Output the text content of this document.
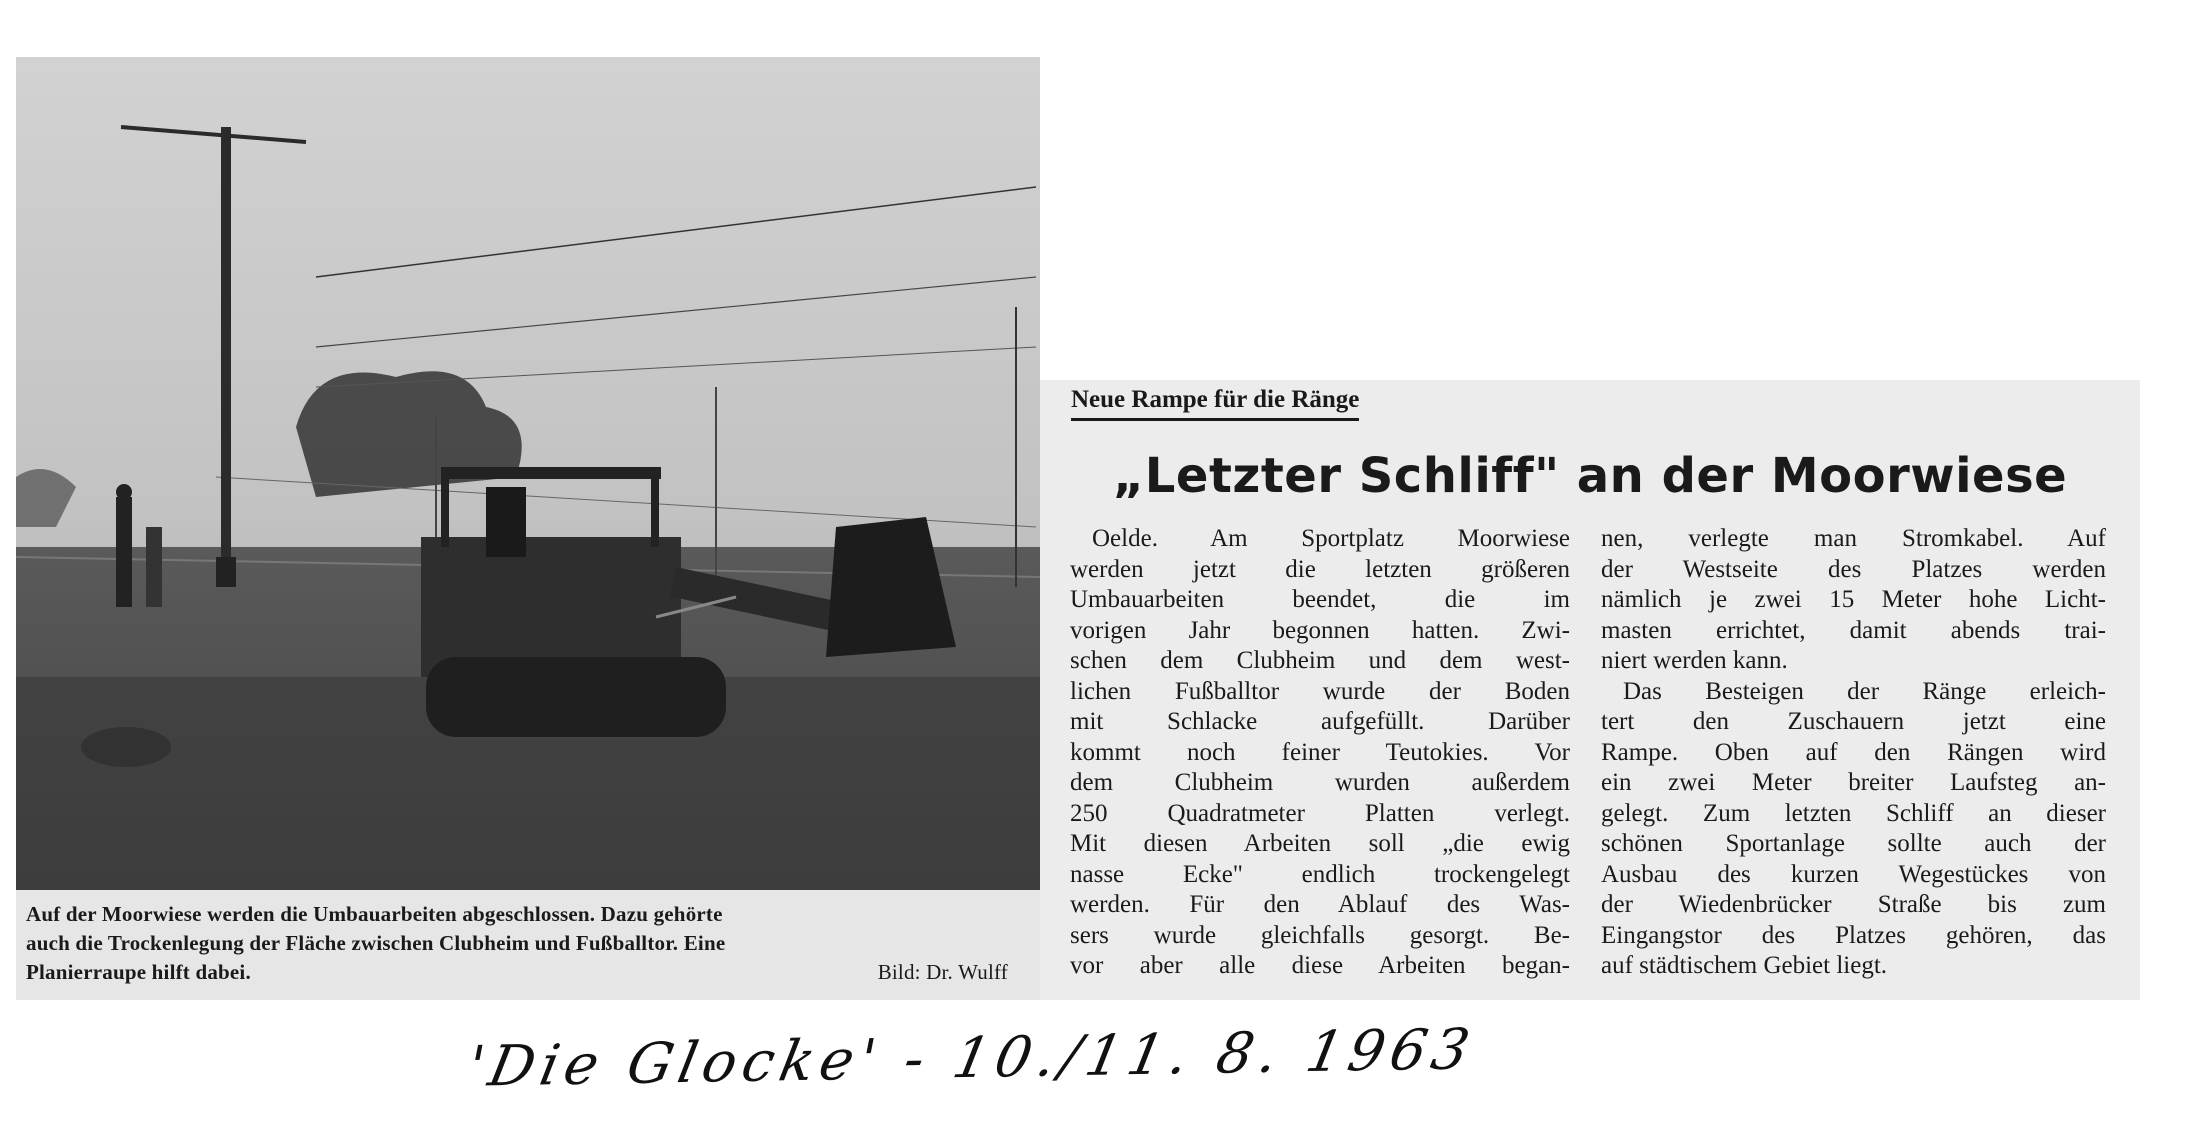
Auf der Moorwiese werden die Umbauarbeiten abgeschlossen. Dazu gehörte
auch die Trockenlegung der Fläche zwischen Clubheim und Fußballtor. Eine
Planierraupe hilft dabei.	Bild: Dr. Wulff
Neue Rampe für die Ränge
„Letzter Schliff" an der Moorwiese
Oelde. Am Sportplatz Moorwiese
werden jetzt die letzten größeren
Umbauarbeiten beendet, die im
vorigen Jahr begonnen hatten. Zwi-
schen dem Clubheim und dem west-
lichen Fußballtor wurde der Boden
mit Schlacke aufgefüllt. Darüber
kommt noch feiner Teutokies. Vor
dem Clubheim wurden außerdem
250 Quadratmeter Platten verlegt.
Mit diesen Arbeiten soll „die ewig
nasse Ecke" endlich trockengelegt
werden. Für den Ablauf des Was-
sers wurde gleichfalls gesorgt. Be-
vor aber alle diese Arbeiten began-
nen, verlegte man Stromkabel. Auf
der Westseite des Platzes werden
nämlich je zwei 15 Meter hohe Licht-
masten errichtet, damit abends trai-
niert werden kann.
Das Besteigen der Ränge erleich-
tert den Zuschauern jetzt eine
Rampe. Oben auf den Rängen wird
ein zwei Meter breiter Laufsteg an-
gelegt. Zum letzten Schliff an dieser
schönen Sportanlage sollte auch der
Ausbau des kurzen Wegestückes von
der Wiedenbrücker Straße bis zum
Eingangstor des Platzes gehören, das
auf städtischem Gebiet liegt.
'Die Glocke' - 10./11. 8. 1963
